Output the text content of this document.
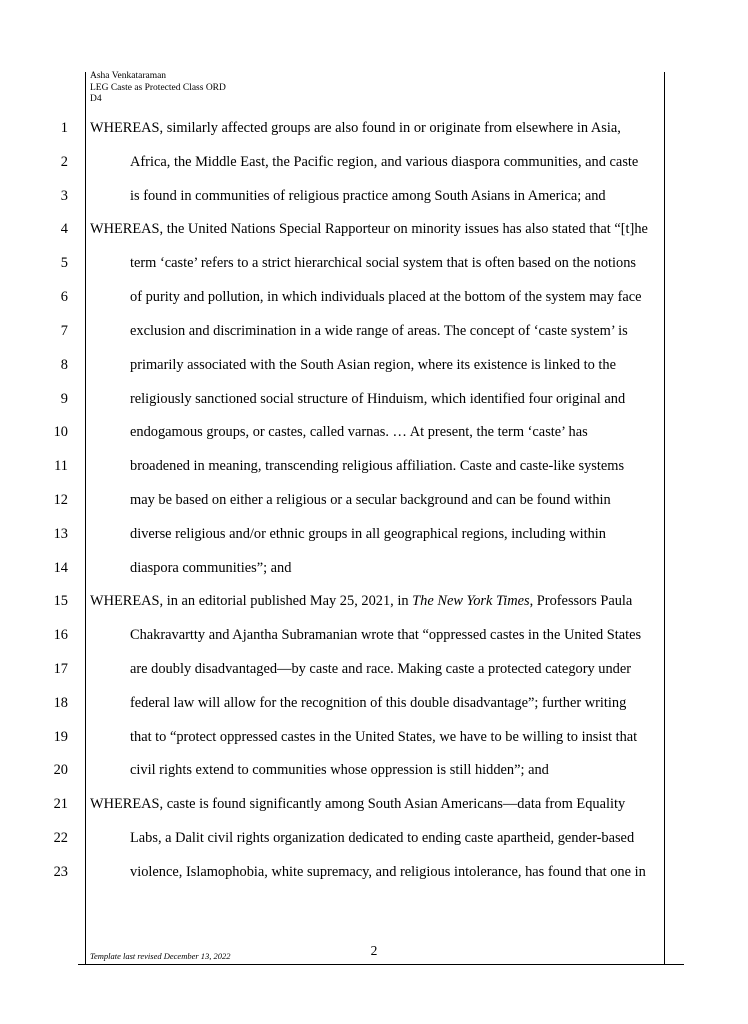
Asha Venkataraman
LEG Caste as Protected Class ORD
D4
1 WHEREAS, similarly affected groups are also found in or originate from elsewhere in Asia,
2	Africa, the Middle East, the Pacific region, and various diaspora communities, and caste
3	is found in communities of religious practice among South Asians in America; and
4 WHEREAS, the United Nations Special Rapporteur on minority issues has also stated that “[t]he
5	term ‘caste’ refers to a strict hierarchical social system that is often based on the notions
6	of purity and pollution, in which individuals placed at the bottom of the system may face
7	exclusion and discrimination in a wide range of areas. The concept of ‘caste system’ is
8	primarily associated with the South Asian region, where its existence is linked to the
9	religiously sanctioned social structure of Hinduism, which identified four original and
10	endogamous groups, or castes, called varnas. … At present, the term ‘caste’ has
11	broadened in meaning, transcending religious affiliation. Caste and caste-like systems
12	may be based on either a religious or a secular background and can be found within
13	diverse religious and/or ethnic groups in all geographical regions, including within
14	diaspora communities”; and
15 WHEREAS, in an editorial published May 25, 2021, in The New York Times, Professors Paula
16	Chakravartty and Ajantha Subramanian wrote that “oppressed castes in the United States
17	are doubly disadvantaged—by caste and race. Making caste a protected category under
18	federal law will allow for the recognition of this double disadvantage”; further writing
19	that to “protect oppressed castes in the United States, we have to be willing to insist that
20	civil rights extend to communities whose oppression is still hidden”; and
21 WHEREAS, caste is found significantly among South Asian Americans—data from Equality
22	Labs, a Dalit civil rights organization dedicated to ending caste apartheid, gender-based
23	violence, Islamophobia, white supremacy, and religious intolerance, has found that one in
Template last revised December 13, 2022	2
